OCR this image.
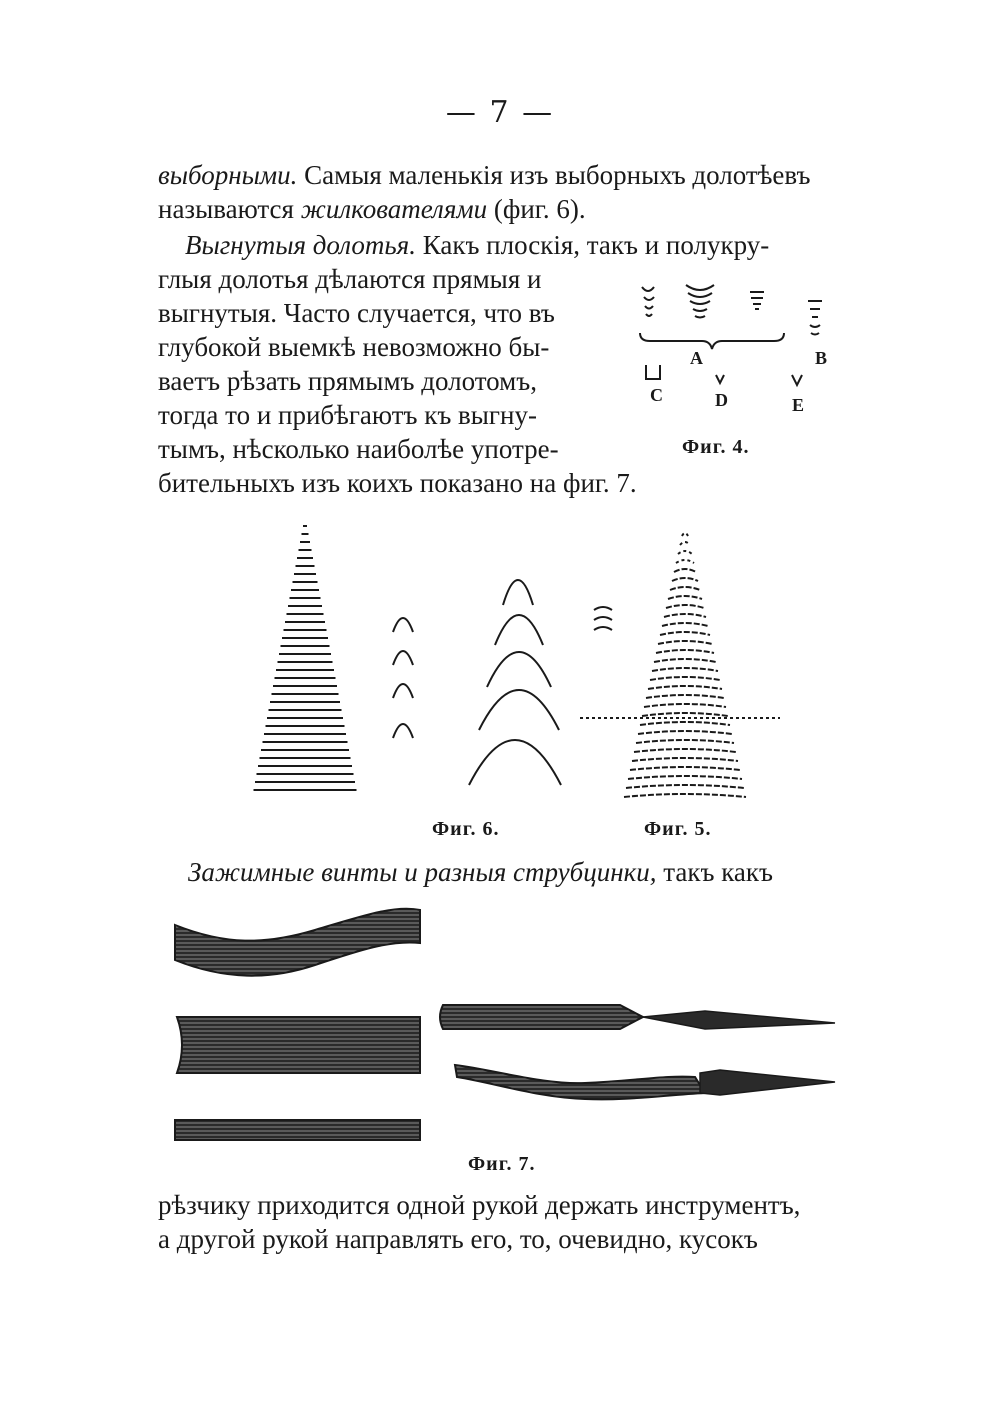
— 7 —
выборными. Самыя маленькія изъ выборныхъ долотѣевъ
называются жилкователями (фиг. 6).
Выгнутыя долотья. Какъ плоскія, такъ и полукру-
глыя долотья дѣлаются прямыя и
выгнутыя. Часто случается, что въ
глубокой выемкѣ невозможно бы-
ваетъ рѣзать прямымъ долотомъ,
тогда то и прибѣгаютъ къ выгну-
тымъ, нѣсколько наиболѣе употре-
бительныхъ изъ коихъ показано на фиг. 7.
A	B
C	D	E
Фиг. 4.
Фиг. 6.	Фиг. 5.
Зажимные винты и разныя струбцинки, такъ какъ
Фиг. 7.
рѣзчику приходится одной рукой держать инструментъ,
а другой рукой направлять его, то, очевидно, кусокъ
